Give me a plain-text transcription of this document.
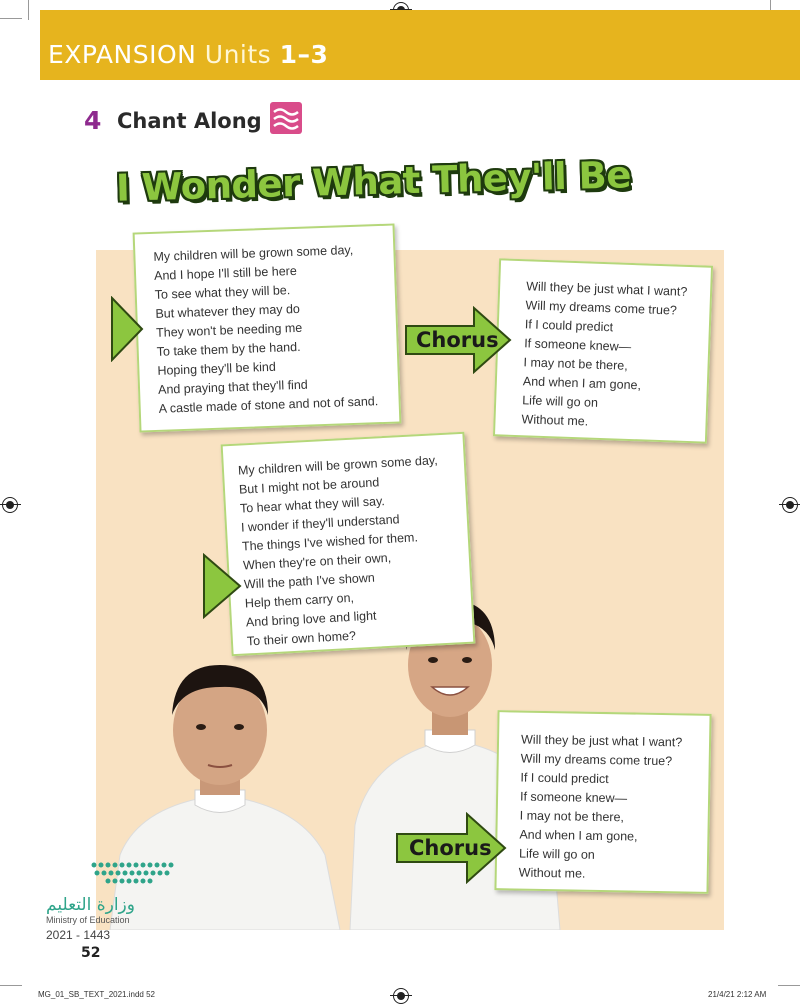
EXPANSION Units 1–3
4 Chant Along
I Wonder What They'll Be
My children will be grown some day,
And I hope I'll still be here
To see what they will be.
But whatever they may do
They won't be needing me
To take them by the hand.
Hoping they'll be kind
And praying that they'll find
A castle made of stone and not of sand.
Will they be just what I want?
Will my dreams come true?
If I could predict
If someone knew—
I may not be there,
And when I am gone,
Life will go on
Without me.
Chorus
My children will be grown some day,
But I might not be around
To hear what they will say.
I wonder if they'll understand
The things I've wished for them.
When they're on their own,
Will the path I've shown
Help them carry on,
And bring love and light
To their own home?
Will they be just what I want?
Will my dreams come true?
If I could predict
If someone knew—
I may not be there,
And when I am gone,
Life will go on
Without me.
Chorus
وزارة التعليم
Ministry of Education
2021 - 1443
52
MG_01_SB_TEXT_2021.indd 52	21/4/21 2:12 AM
